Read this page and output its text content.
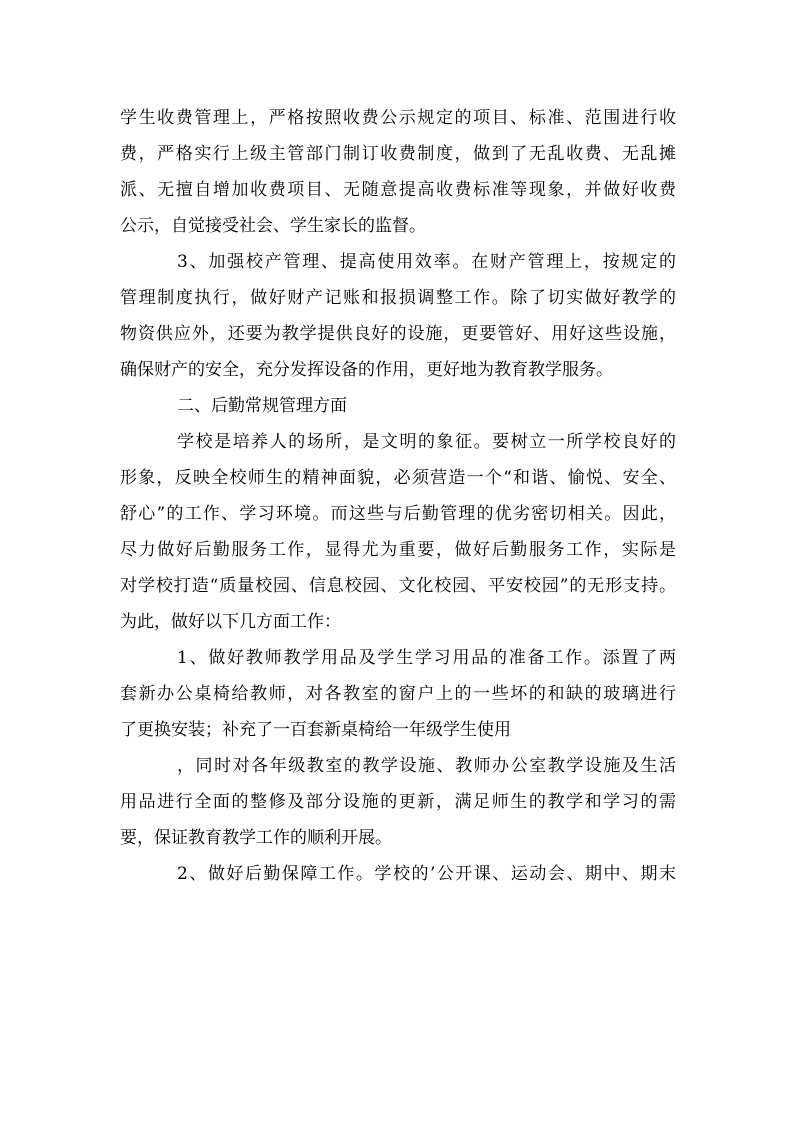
学生收费管理上，严格按照收费公示规定的项目、标准、范围进行收
费，严格实行上级主管部门制订收费制度，做到了无乱收费、无乱摊
派、无擅自增加收费项目、无随意提高收费标准等现象，并做好收费
公示，自觉接受社会、学生家长的监督。
3、加强校产管理、提高使用效率。在财产管理上，按规定的
管理制度执行，做好财产记账和报损调整工作。除了切实做好教学的
物资供应外，还要为教学提供良好的设施，更要管好、用好这些设施，
确保财产的安全，充分发挥设备的作用，更好地为教育教学服务。
二、后勤常规管理方面
学校是培养人的场所，是文明的象征。要树立一所学校良好的
形象，反映全校师生的精神面貌，必须营造一个“和谐、愉悦、安全、
舒心”的工作、学习环境。而这些与后勤管理的优劣密切相关。因此，
尽力做好后勤服务工作，显得尤为重要，做好后勤服务工作，实际是
对学校打造“质量校园、信息校园、文化校园、平安校园”的无形支持。
为此，做好以下几方面工作：
1、做好教师教学用品及学生学习用品的准备工作。添置了两
套新办公桌椅给教师，对各教室的窗户上的一些坏的和缺的玻璃进行
了更换安装；补充了一百套新桌椅给一年级学生使用
，同时对各年级教室的教学设施、教师办公室教学设施及生活
用品进行全面的整修及部分设施的更新，满足师生的教学和学习的需
要，保证教育教学工作的顺利开展。
2、做好后勤保障工作。学校的’公开课、运动会、期中、期末
